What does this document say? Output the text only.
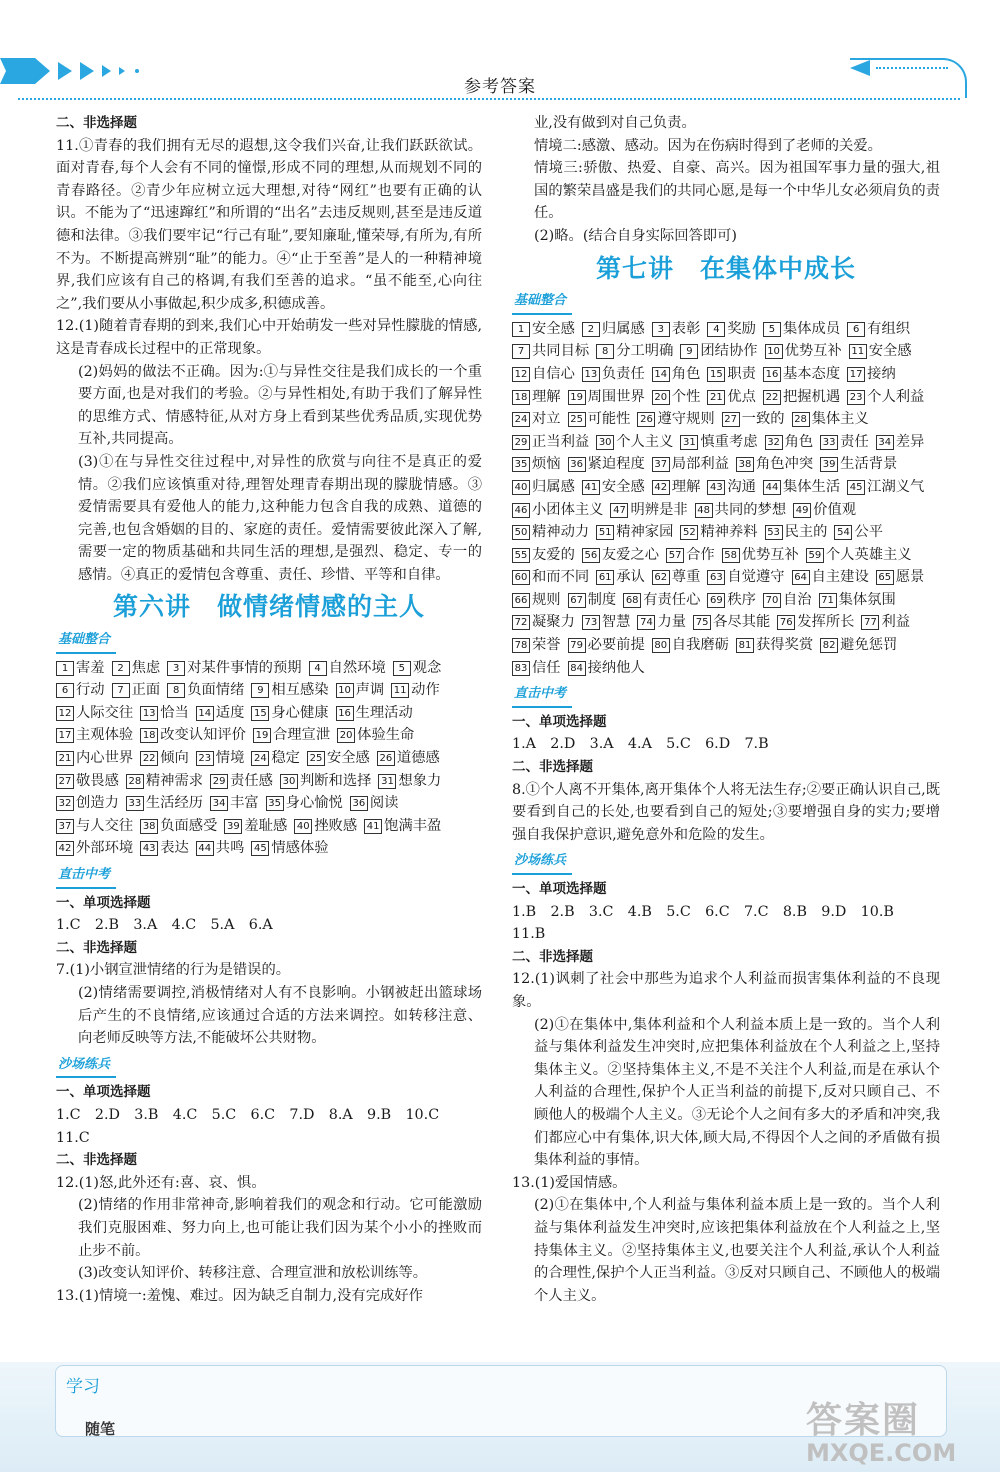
参考答案
二、非选择题

11.①青春的我们拥有无尽的遐想,这令我们兴奋,让我们跃跃欲试。面对青春,每个人会有不同的憧憬,形成不同的理想,从而规划不同的青春路径。②青少年应树立远大理想,对待“网红”也要有正确的认识。不能为了“迅速蹿红”和所谓的“出名”去违反规则,甚至是违反道德和法律。③我们要牢记“行己有耻”,要知廉耻,懂荣辱,有所为,有所不为。不断提高辨别“耻”的能力。④“止于至善”是人的一种精神境界,我们应该有自己的格调,有我们至善的追求。“虽不能至,心向往之”,我们要从小事做起,积少成多,积德成善。

12.(1)随着青春期的到来,我们心中开始萌发一些对异性朦胧的情感,这是青春成长过程中的正常现象。

(2)妈妈的做法不正确。因为:①与异性交往是我们成长的一个重要方面,也是对我们的考验。②与异性相处,有助于我们了解异性的思维方式、情感特征,从对方身上看到某些优秀品质,实现优势互补,共同提高。

(3)①在与异性交往过程中,对异性的欣赏与向往不是真正的爱情。②我们应该慎重对待,理智处理青春期出现的朦胧情感。③爱情需要具有爱他人的能力,这种能力包含自我的成熟、道德的完善,也包含婚姻的目的、家庭的责任。爱情需要彼此深入了解,需要一定的物质基础和共同生活的理想,是强烈、稳定、专一的感情。④真正的爱情包含尊重、责任、珍惜、平等和自律。

第六讲　做情绪情感的主人
基础整合
1 害羞	2 焦虑	3 对某件事情的预期	4 自然环境	5 观念
6 行动	7 正面	8 负面情绪	9 相互感染 10 声调 11 动作
12 人际交往 13 恰当 14 适度 15 身心健康 16 生理活动
17 主观体验 18 改变认知评价 19 合理宣泄 20 体验生命
21 内心世界 22 倾向 23 情境 24 稳定 25 安全感 26 道德感
27 敬畏感 28 精神需求 29 责任感 30 判断和选择 31 想象力
32 创造力 33 生活经历 34 丰富 35 身心愉悦 36 阅读
37 与人交往 38 负面感受 39 羞耻感 40 挫败感 41 饱满丰盈
42 外部环境 43 表达 44 共鸣 45 情感体验
直击中考
一、单项选择题

1.C　2.B　3.A　4.C　5.A　6.A

二、非选择题

7.(1)小钢宣泄情绪的行为是错误的。

(2)情绪需要调控,消极情绪对人有不良影响。小钢被赶出篮球场后产生的不良情绪,应该通过合适的方法来调控。如转移注意、向老师反映等方法,不能破坏公共财物。

沙场练兵
一、单项选择题

1.C　2.D　3.B　4.C　5.C　6.C　7.D　8.A　9.B　10.C

11.C

二、非选择题

12.(1)怒,此外还有:喜、哀、惧。

(2)情绪的作用非常神奇,影响着我们的观念和行动。它可能激励我们克服困难、努力向上,也可能让我们因为某个小小的挫败而止步不前。

(3)改变认知评价、转移注意、合理宣泄和放松训练等。

13.(1)情境一:羞愧、难过。因为缺乏自制力,没有完成好作

业,没有做到对自己负责。

情境二:感激、感动。因为在伤病时得到了老师的关爱。

情境三:骄傲、热爱、自豪、高兴。因为祖国军事力量的强大,祖国的繁荣昌盛是我们的共同心愿,是每一个中华儿女必须肩负的责任。

(2)略。(结合自身实际回答即可)

第七讲　在集体中成长
基础整合
1 安全感	2 归属感	3 表彰	4 奖励	5 集体成员	6 有组织
7 共同目标	8 分工明确	9 团结协作 10 优势互补 11 安全感
12 自信心 13 负责任 14 角色 15 职责 16 基本态度 17 接纳
18 理解 19 周围世界 20 个性 21 优点 22 把握机遇 23 个人利益
24 对立 25 可能性 26 遵守规则 27 一致的 28 集体主义
29 正当利益 30 个人主义 31 慎重考虑 32 角色 33 责任 34 差异
35 烦恼 36 紧迫程度 37 局部利益 38 角色冲突 39 生活背景
40 归属感 41 安全感 42 理解 43 沟通 44 集体生活 45 江湖义气
46 小团体主义 47 明辨是非 48 共同的梦想 49 价值观
50 精神动力 51 精神家园 52 精神养料 53 民主的 54 公平
55 友爱的 56 友爱之心 57 合作 58 优势互补 59 个人英雄主义
60 和而不同 61 承认 62 尊重 63 自觉遵守 64 自主建设 65 愿景
66 规则 67 制度 68 有责任心 69 秩序 70 自治 71 集体氛围
72 凝聚力 73 智慧 74 力量 75 各尽其能 76 发挥所长 77 利益
78 荣誉 79 必要前提 80 自我磨砺 81 获得奖赏 82 避免惩罚
83 信任 84 接纳他人
直击中考
一、单项选择题

1.A　2.D　3.A　4.A　5.C　6.D　7.B

二、非选择题

8.①个人离不开集体,离开集体个人将无法生存;②要正确认识自己,既要看到自己的长处,也要看到自己的短处;③要增强自身的实力;要增强自我保护意识,避免意外和危险的发生。

沙场练兵
一、单项选择题

1.B　2.B　3.C　4.B　5.C　6.C　7.C　8.B　9.D　10.B

11.B

二、非选择题

12.(1)讽刺了社会中那些为追求个人利益而损害集体利益的不良现象。

(2)①在集体中,集体利益和个人利益本质上是一致的。当个人利益与集体利益发生冲突时,应把集体利益放在个人利益之上,坚持集体主义。②坚持集体主义,不是不关注个人利益,而是在承认个人利益的合理性,保护个人正当利益的前提下,反对只顾自己、不顾他人的极端个人主义。③无论个人之间有多大的矛盾和冲突,我们都应心中有集体,识大体,顾大局,不得因个人之间的矛盾做有损集体利益的事情。

13.(1)爱国情感。

(2)①在集体中,个人利益与集体利益本质上是一致的。当个人利益与集体利益发生冲突时,应该把集体利益放在个人利益之上,坚持集体主义。②坚持集体主义,也要关注个人利益,承认个人利益的合理性,保护个人正当利益。③反对只顾自己、不顾他人的极端个人主义。

学习
随笔	答案圈
MXQE.COM
